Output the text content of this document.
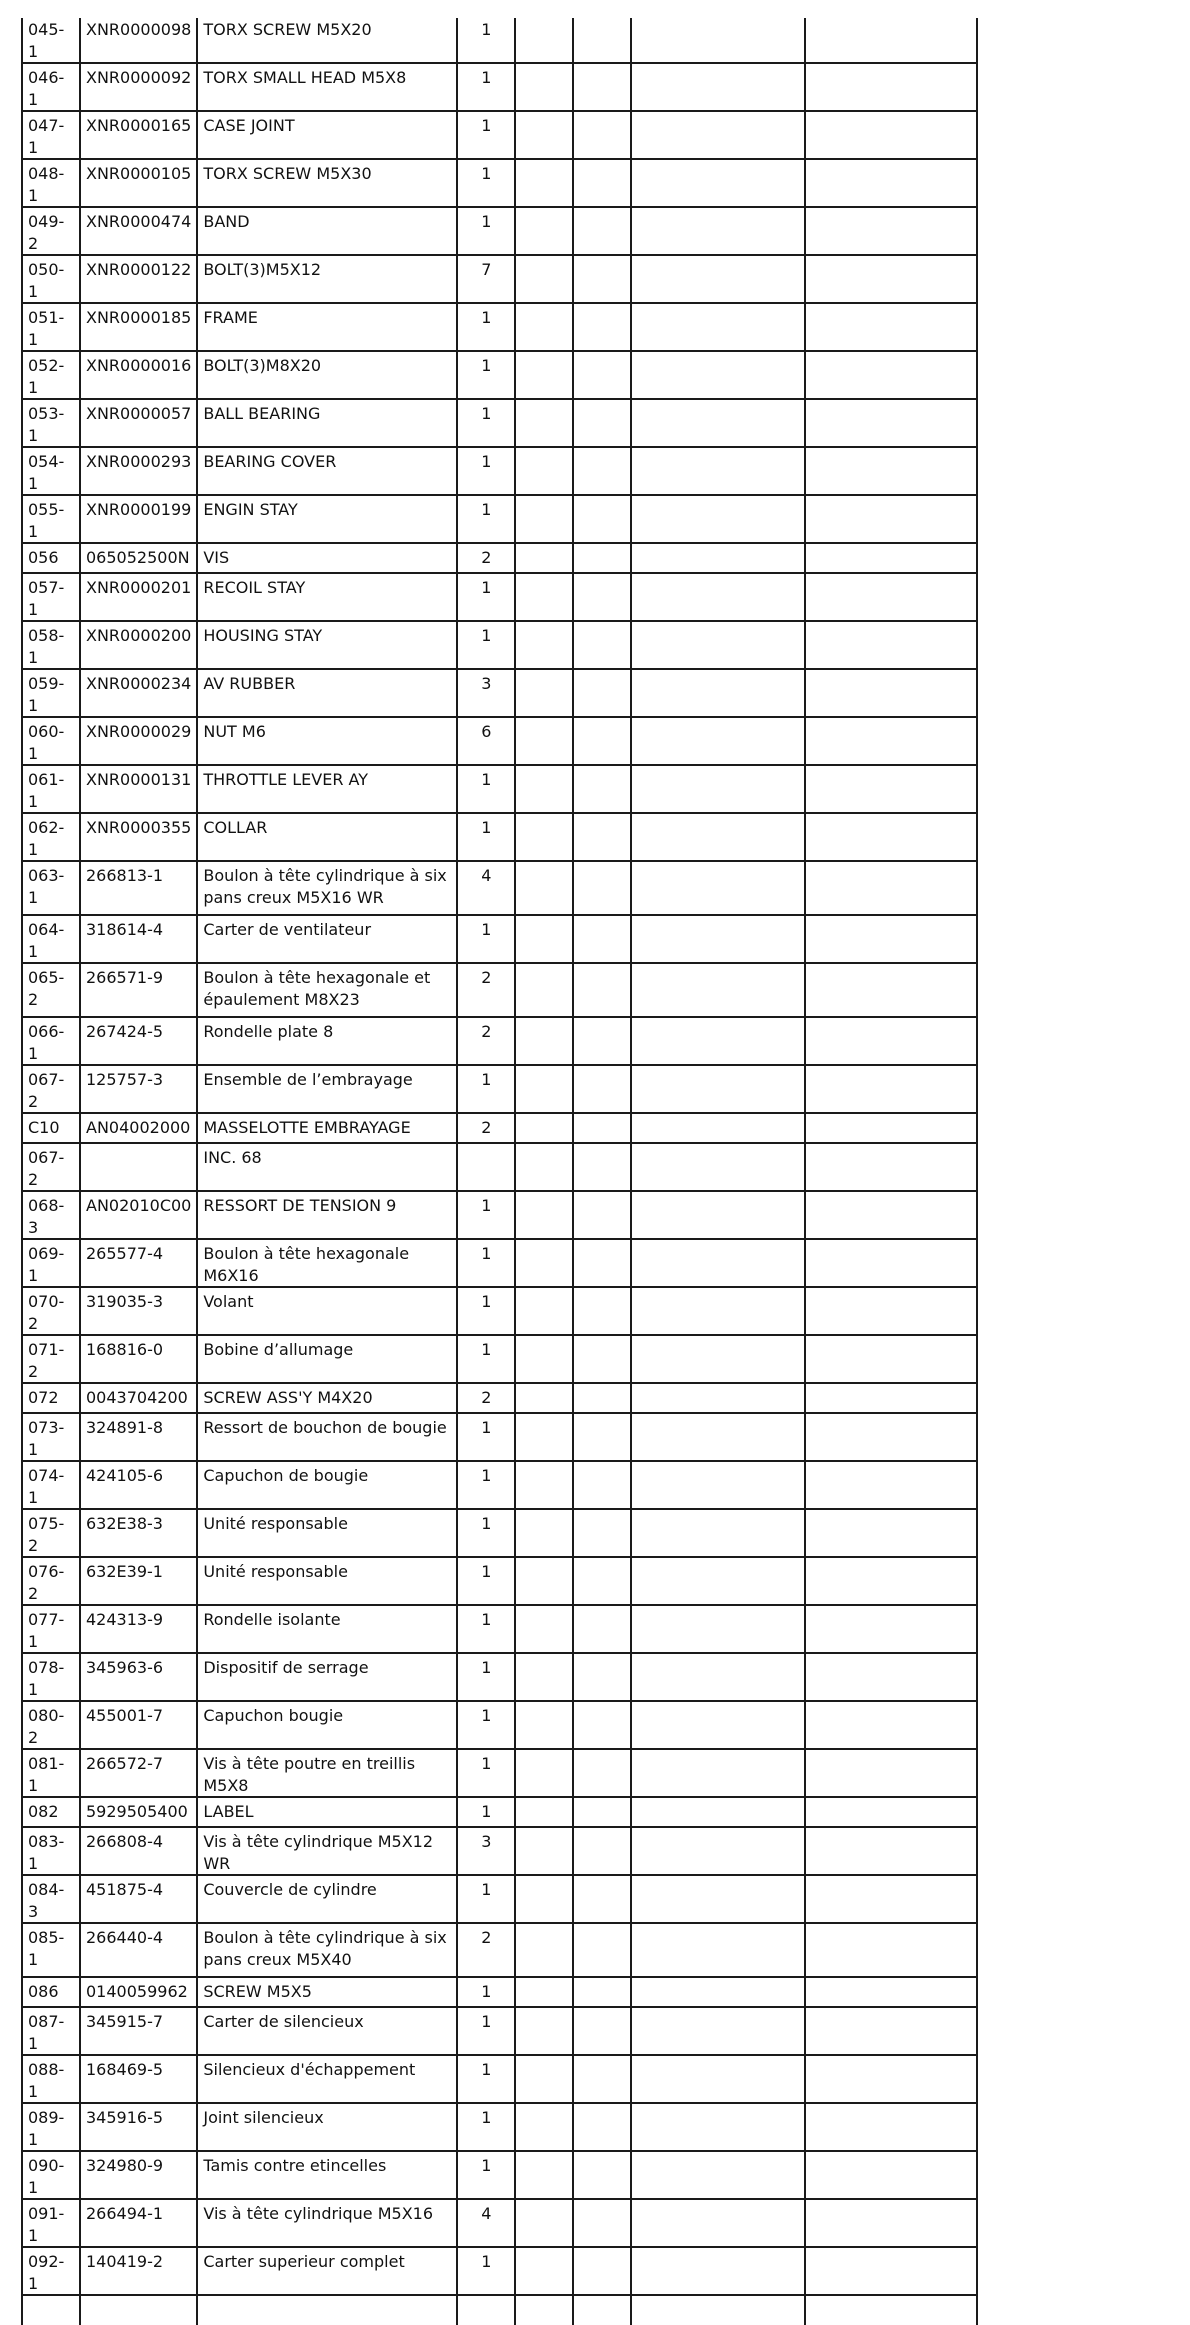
045-1	XNR0000098	TORX SCREW M5X20	1				
046-1	XNR0000092	TORX SMALL HEAD M5X8	1				
047-1	XNR0000165	CASE JOINT	1				
048-1	XNR0000105	TORX SCREW M5X30	1				
049-2	XNR0000474	BAND	1				
050-1	XNR0000122	BOLT(3)M5X12	7				
051-1	XNR0000185	FRAME	1				
052-1	XNR0000016	BOLT(3)M8X20	1				
053-1	XNR0000057	BALL BEARING	1				
054-1	XNR0000293	BEARING COVER	1				
055-1	XNR0000199	ENGIN STAY	1				
056	065052500N	VIS	2				
057-1	XNR0000201	RECOIL STAY	1				
058-1	XNR0000200	HOUSING STAY	1				
059-1	XNR0000234	AV RUBBER	3				
060-1	XNR0000029	NUT M6	6				
061-1	XNR0000131	THROTTLE LEVER AY	1				
062-1	XNR0000355	COLLAR	1				
063-1	266813-1	Boulon à tête cylindrique à six pans creux M5X16 WR	4				
064-1	318614-4	Carter de ventilateur	1				
065-2	266571-9	Boulon à tête hexagonale et épaulement M8X23	2				
066-1	267424-5	Rondelle plate 8	2				
067-2	125757-3	Ensemble de l’embrayage	1				
C10	AN04002000	MASSELOTTE EMBRAYAGE	2				
067-2		INC. 68					
068-3	AN02010C00	RESSORT DE TENSION 9	1				
069-1	265577-4	Boulon à tête hexagonale M6X16	1				
070-2	319035-3	Volant	1				
071-2	168816-0	Bobine d’allumage	1				
072	0043704200	SCREW ASS'Y M4X20	2				
073-1	324891-8	Ressort de bouchon de bougie	1				
074-1	424105-6	Capuchon de bougie	1				
075-2	632E38-3	Unité responsable	1				
076-2	632E39-1	Unité responsable	1				
077-1	424313-9	Rondelle isolante	1				
078-1	345963-6	Dispositif de serrage	1				
080-2	455001-7	Capuchon bougie	1				
081-1	266572-7	Vis à tête poutre en treillis M5X8	1				
082	5929505400	LABEL	1				
083-1	266808-4	Vis à tête cylindrique M5X12 WR	3				
084-3	451875-4	Couvercle de cylindre	1				
085-1	266440-4	Boulon à tête cylindrique à six pans creux M5X40	2				
086	0140059962	SCREW M5X5	1				
087-1	345915-7	Carter de silencieux	1				
088-1	168469-5	Silencieux d'échappement	1				
089-1	345916-5	Joint silencieux	1				
090-1	324980-9	Tamis contre etincelles	1				
091-1	266494-1	Vis à tête cylindrique M5X16	4				
092-1	140419-2	Carter superieur complet	1				
